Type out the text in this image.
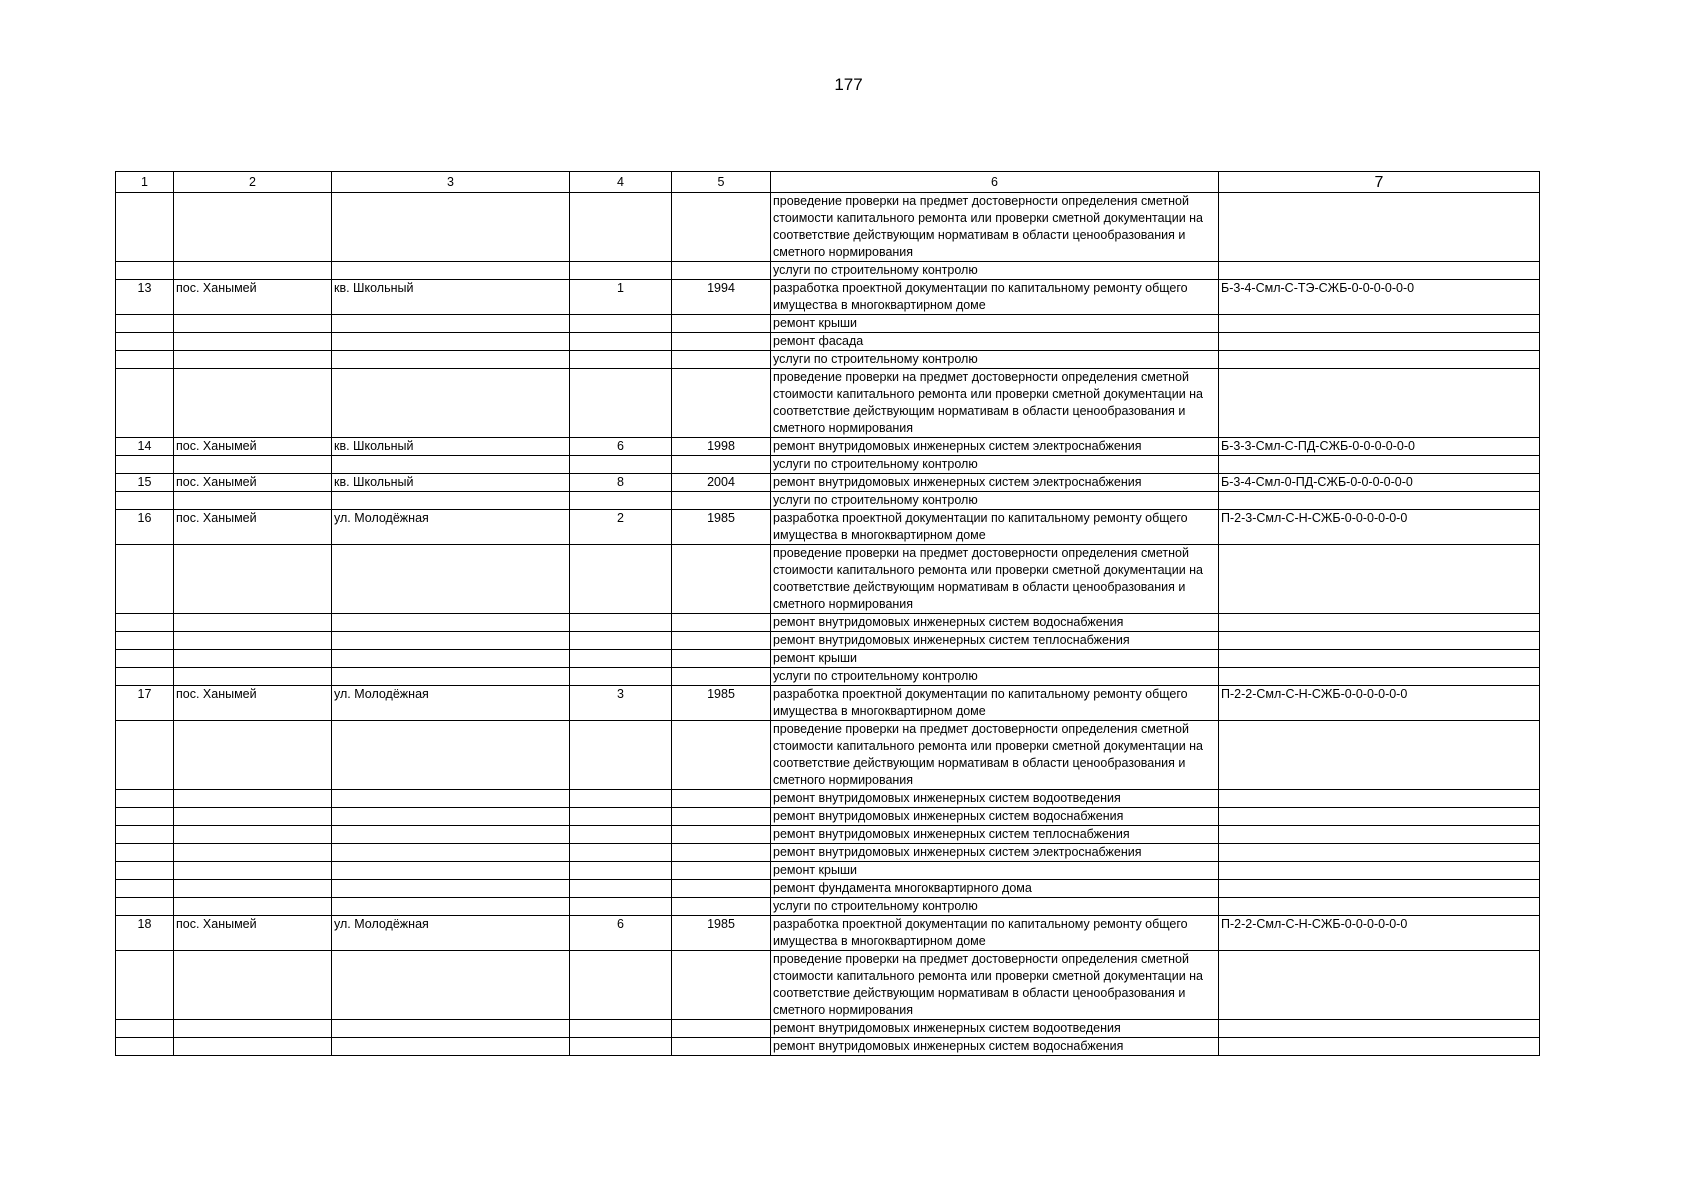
177
1	2	3	4	5	6	7
					проведение проверки на предмет достоверности определения сметной стоимости капитального ремонта или проверки сметной документации на соответствие действующим нормативам в области ценообразования и сметного нормирования	
					услуги по строительному контролю	
13	пос. Ханымей	кв. Школьный	1	1994	разработка проектной документации по капитальному ремонту общего имущества в многоквартирном доме	Б-3-4-Смл-С-ТЭ-СЖБ-0-0-0-0-0-0
					ремонт крыши	
					ремонт фасада	
					услуги по строительному контролю	
					проведение проверки на предмет достоверности определения сметной стоимости капитального ремонта или проверки сметной документации на соответствие действующим нормативам в области ценообразования и сметного нормирования	
14	пос. Ханымей	кв. Школьный	6	1998	ремонт внутридомовых инженерных систем электроснабжения	Б-3-3-Смл-С-ПД-СЖБ-0-0-0-0-0-0
					услуги по строительному контролю	
15	пос. Ханымей	кв. Школьный	8	2004	ремонт внутридомовых инженерных систем электроснабжения	Б-3-4-Смл-0-ПД-СЖБ-0-0-0-0-0-0
					услуги по строительному контролю	
16	пос. Ханымей	ул. Молодёжная	2	1985	разработка проектной документации по капитальному ремонту общего имущества в многоквартирном доме	П-2-3-Смл-С-Н-СЖБ-0-0-0-0-0-0
					проведение проверки на предмет достоверности определения сметной стоимости капитального ремонта или проверки сметной документации на соответствие действующим нормативам в области ценообразования и сметного нормирования	
					ремонт внутридомовых инженерных систем водоснабжения	
					ремонт внутридомовых инженерных систем теплоснабжения	
					ремонт крыши	
					услуги по строительному контролю	
17	пос. Ханымей	ул. Молодёжная	3	1985	разработка проектной документации по капитальному ремонту общего имущества в многоквартирном доме	П-2-2-Смл-С-Н-СЖБ-0-0-0-0-0-0
					проведение проверки на предмет достоверности определения сметной стоимости капитального ремонта или проверки сметной документации на соответствие действующим нормативам в области ценообразования и сметного нормирования	
					ремонт внутридомовых инженерных систем водоотведения	
					ремонт внутридомовых инженерных систем водоснабжения	
					ремонт внутридомовых инженерных систем теплоснабжения	
					ремонт внутридомовых инженерных систем электроснабжения	
					ремонт крыши	
					ремонт фундамента многоквартирного дома	
					услуги по строительному контролю	
18	пос. Ханымей	ул. Молодёжная	6	1985	разработка проектной документации по капитальному ремонту общего имущества в многоквартирном доме	П-2-2-Смл-С-Н-СЖБ-0-0-0-0-0-0
					проведение проверки на предмет достоверности определения сметной стоимости капитального ремонта или проверки сметной документации на соответствие действующим нормативам в области ценообразования и сметного нормирования	
					ремонт внутридомовых инженерных систем водоотведения	
					ремонт внутридомовых инженерных систем водоснабжения	
